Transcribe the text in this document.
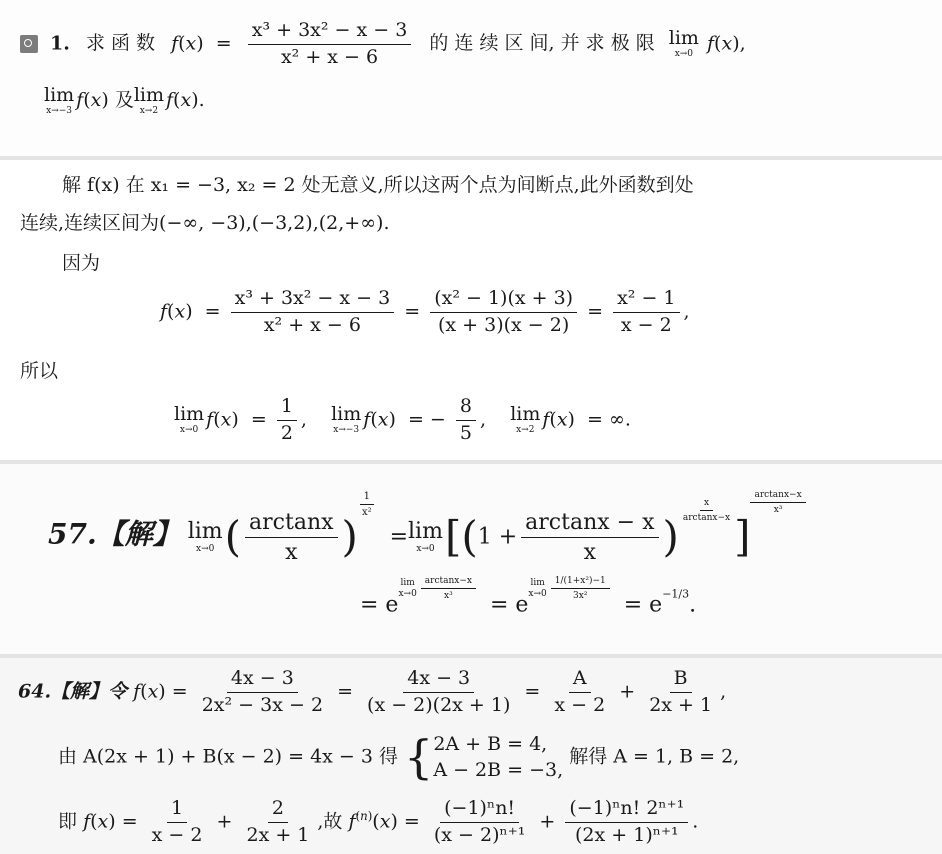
1. 求 函 数 $f(x) = \frac{\text{x³ + 3x² − x − 3}}{\text{x² + x − 6}}$ 的 连 续 区 间, 并 求 极 限 lim
x→0 f(x),
lim
x→−3 f(x) 及lim
x→2 f(x).
解 f(x) 在 x₁ = −3, x₂ = 2 处无意义,所以这两个点为间断点,此外函数到处
连续,连续区间为(−∞, −3),(−3,2),(2,+∞).
因为
$f(x) = \frac{\text{x³ + 3x² − x − 3}}{\text{x² + x − 6}} = \frac{\text{(x² − 1)(x + 3)}}{(x + 3)(x - 2)} = \frac{\text{x² − 1}}{x - 2}$ ,
所以
lim
x→0 $f(x) = \frac{1}{2}$ ,    lim
x→−3 f(x)  = − $\frac{8}{5}$ ,    lim
x→2 f(x)  = ∞.
57.【解】 lim
x→0 ( $\frac{\arctan x}{x}$ )
$^{\frac{1}{\text{x²}}}$
=lim
x→0 [($1 + \frac{\arctan x - x}{x}$ )
$^{\frac{x}{\arctan x-x}}$
]
$^{\frac{\arctan x-x}{\text{x³}}}$
= $e^{lim x\to 0 \frac{\arctan x-x}{\text{x³}}}$
= $e^{lim x\to 0 \frac{\text{1/(1+x²)−1}}{\text{3x²}}}$
= $e^{-1/3}$.
64.【解】令 $f(x) = \frac{4x - 3}{\text{2x² − 3x − 2}} = \frac{4x - 3}{(x - 2)(2x + 1)} = \frac{A}{x - 2} + \frac{B}{2x + 1}$ ,
由 A(2x + 1) + B(x − 2) = 4x − 3 得 { 2A + B = 4,
A − 2B = −3,
解得 A = 1, B = 2,
即 $f(x) = \frac{1}{x - 2} + \frac{2}{2x + 1}$ ,故 $f^{(n)}(x) = \frac{\text{(−1)ⁿn!}}{\text{(x − 2)ⁿ⁺¹}} + \frac{\text{(−1)ⁿn! 2ⁿ⁺¹}}{\text{(2x + 1)ⁿ⁺¹}}$ .
